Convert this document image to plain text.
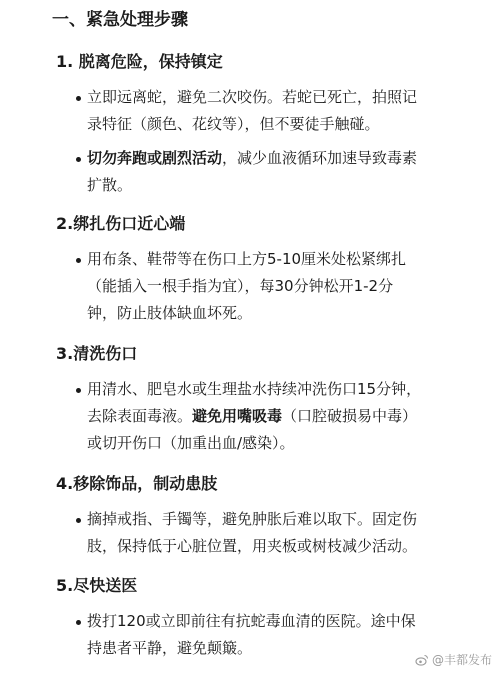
一、紧急处理步骤
1. 脱离危险，保持镇定
立即远离蛇，避免二次咬伤。若蛇已死亡，拍照记
录特征（颜色、花纹等），但不要徒手触碰。
切勿奔跑或剧烈活动，减少血液循环加速导致毒素
扩散。
2.绑扎伤口近心端
用布条、鞋带等在伤口上方5-10厘米处松紧绑扎
（能插入一根手指为宜），每30分钟松开1-2分
钟，防止肢体缺血坏死。
3.清洗伤口
用清水、肥皂水或生理盐水持续冲洗伤口15分钟，
去除表面毒液。避免用嘴吸毒（口腔破损易中毒）
或切开伤口（加重出血/感染）。
4.移除饰品，制动患肢
摘掉戒指、手镯等，避免肿胀后难以取下。固定伤
肢，保持低于心脏位置，用夹板或树枝减少活动。
5.尽快送医
拨打120或立即前往有抗蛇毒血清的医院。途中保
持患者平静，避免颠簸。
@丰都发布
